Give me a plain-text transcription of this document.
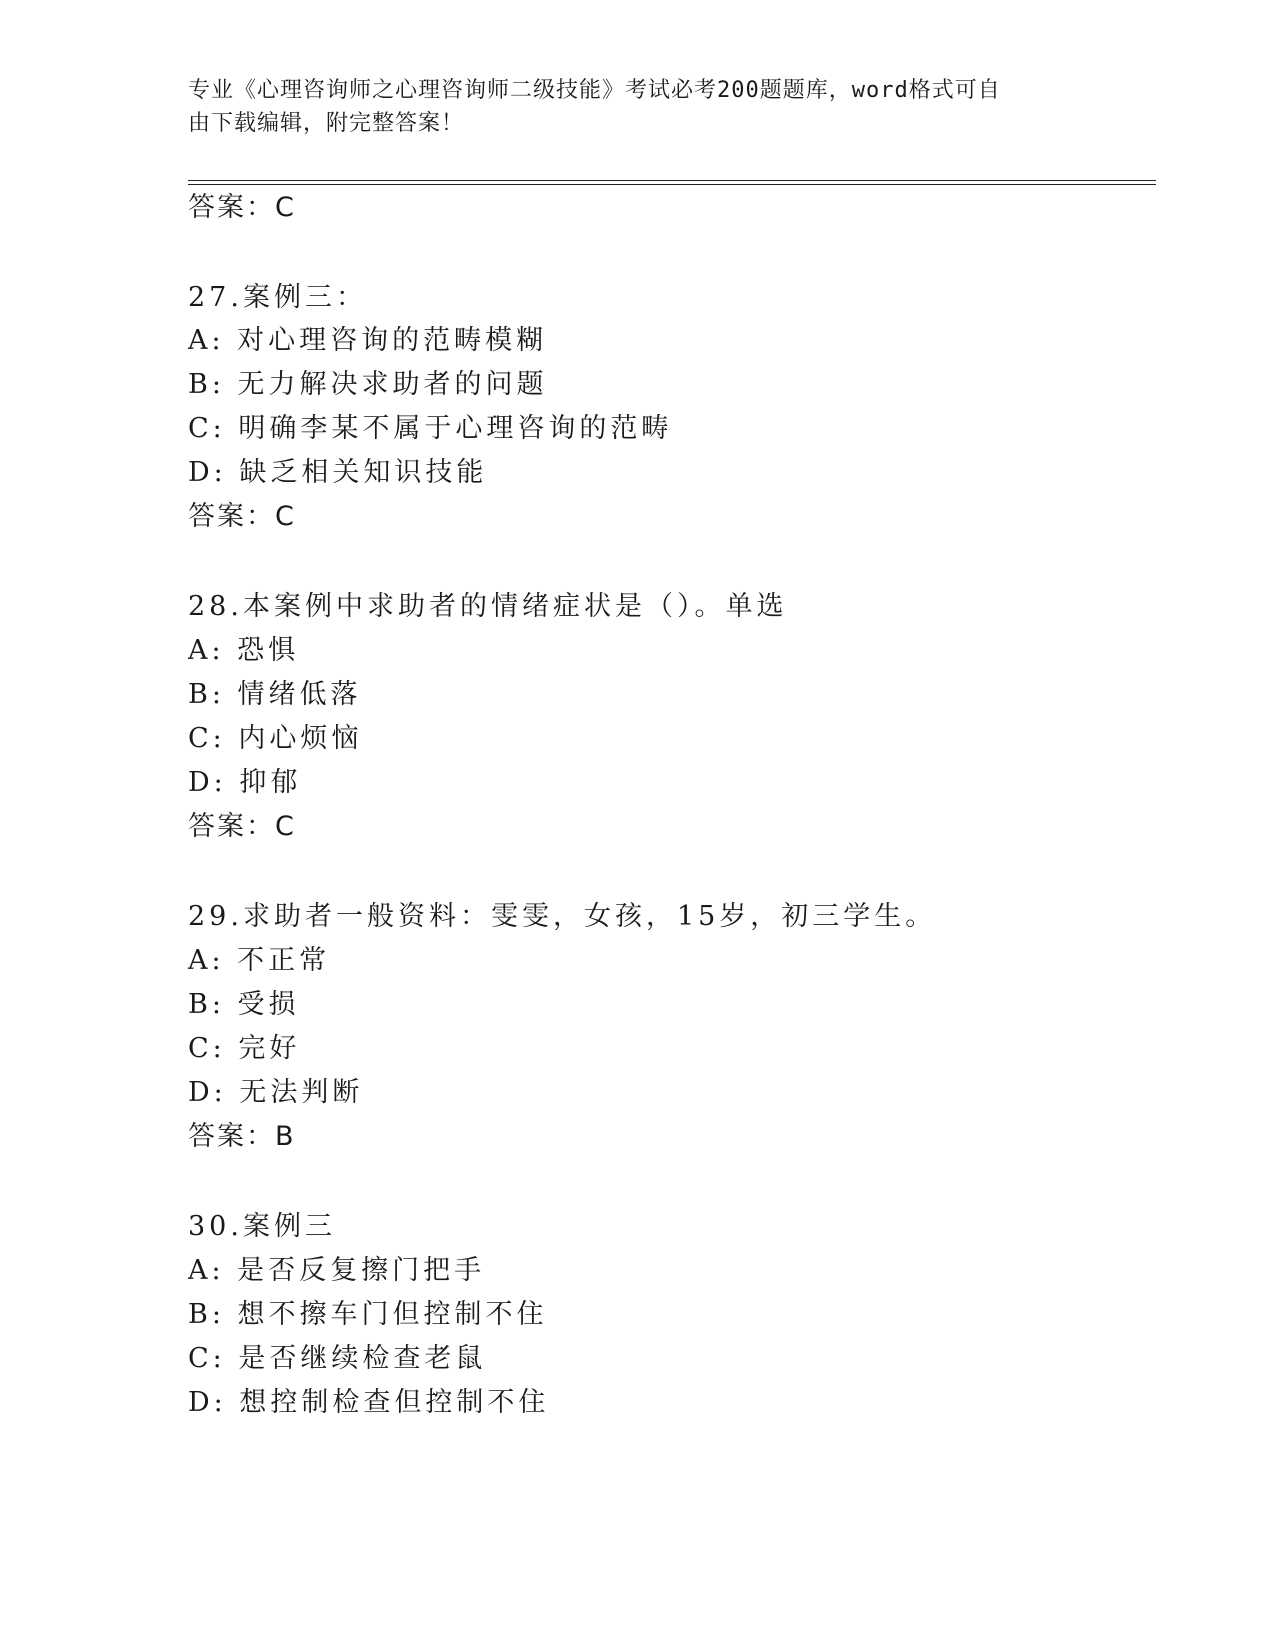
专业《心理咨询师之心理咨询师二级技能》考试必考200题题库，word格式可自
由下载编辑，附完整答案！
答案：C
27.案例三：
A: 对心理咨询的范畴模糊
B: 无力解决求助者的问题
C: 明确李某不属于心理咨询的范畴
D: 缺乏相关知识技能
答案：C
28.本案例中求助者的情绪症状是（）。单选
A: 恐惧
B: 情绪低落
C: 内心烦恼
D: 抑郁
答案：C
29.求助者一般资料：雯雯，女孩，15岁，初三学生。
A: 不正常
B: 受损
C: 完好
D: 无法判断
答案：B
30.案例三
A: 是否反复擦门把手
B: 想不擦车门但控制不住
C: 是否继续检查老鼠
D: 想控制检查但控制不住
